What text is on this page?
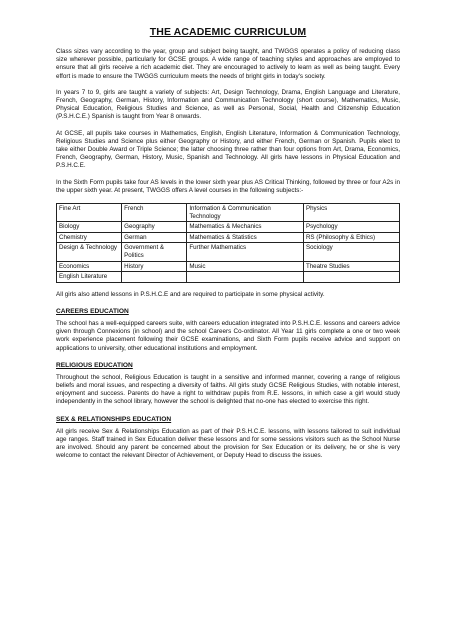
THE ACADEMIC CURRICULUM

Class sizes vary according to the year, group and subject being taught, and TWGGS operates a policy of reducing class size wherever possible, particularly for GCSE groups. A wide range of teaching styles and approaches are employed to ensure that all girls receive a rich academic diet. They are encouraged to actively to learn as well as being taught. Every effort is made to ensure the TWGGS curriculum meets the needs of bright girls in today's society.

In years 7 to 9, girls are taught a variety of subjects: Art, Design Technology, Drama, English Language and Literature, French, Geography, German, History, Information and Communication Technology (short course), Mathematics, Music, Physical Education, Religious Studies and Science, as well as Personal, Social, Health and Citizenship Education (P.S.H.C.E.) Spanish is taught from Year 8 onwards.

At GCSE, all pupils take courses in Mathematics, English, English Literature, Information & Communication Technology, Religious Studies and Science plus either Geography or History, and either French, German or Spanish. Pupils elect to take either Double Award or Triple Science; the latter choosing three rather than four options from Art, Drama, Economics, French, Geography, German, History, Music, Spanish and Technology. All girls have lessons in Physical Education and P.S.H.C.E.

In the Sixth Form pupils take four AS levels in the lower sixth year plus AS Critical Thinking, followed by three or four A2s in the upper sixth year. At present, TWGGS offers A level courses in the following subjects:-

Fine Art	French	Information & Communication Technology	Physics
Biology	Geography	Mathematics & Mechanics	Psychology
Chemistry	German	Mathematics & Statistics	RS (Philosophy & Ethics)
Design & Technology	Government & Politics	Further Mathematics	Sociology
Economics	History	Music	Theatre Studies
English Literature			

All girls also attend lessons in P.S.H.C.E and are required to participate in some physical activity.

CAREERS EDUCATION

The school has a well-equipped careers suite, with careers education integrated into P.S.H.C.E. lessons and careers advice given through Connexions (in school) and the school Careers Co-ordinator. All Year 11 girls complete a one or two week work experience placement following their GCSE examinations, and Sixth Form pupils receive advice and support on applications to university, other educational institutions and employment.

RELIGIOUS EDUCATION

Throughout the school, Religious Education is taught in a sensitive and informed manner, covering a range of religious beliefs and moral issues, and respecting a diversity of faiths. All girls study GCSE Religious Studies, with notable interest, enjoyment and success. Parents do have a right to withdraw pupils from R.E. lessons, in which case a girl would study independently in the school library, however the school is delighted that no-one has elected to exercise this right.

SEX & RELATIONSHIPS EDUCATION

All girls receive Sex & Relationships Education as part of their P.S.H.C.E. lessons, with lessons tailored to suit individual age ranges. Staff trained in Sex Education deliver these lessons and for some sessions visitors such as the School Nurse are involved. Should any parent be concerned about the provision for Sex Education or its delivery, he or she is very welcome to contact the relevant Director of Achievement, or Deputy Head to discuss the issues.
